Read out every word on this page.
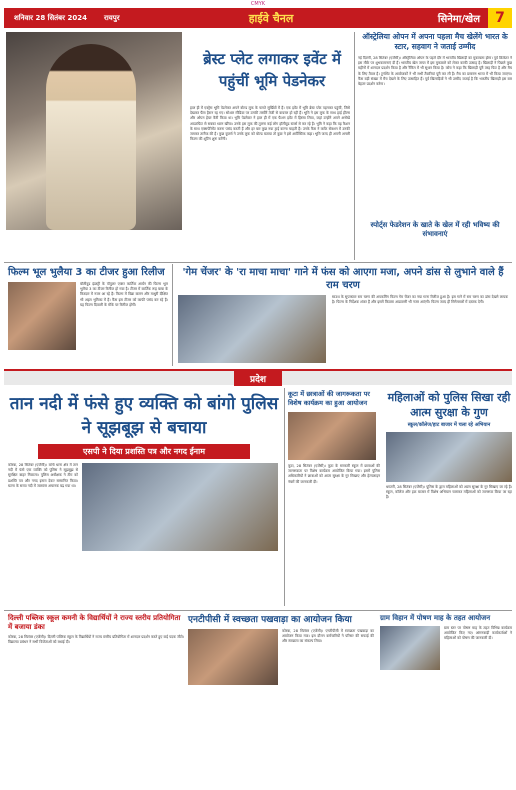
CMYK
शनिवार 28 सितंबर 2024	रायपुर	हाईवे चैनल	सिनेमा/खेल	7
ब्रेस्ट प्लेट लगाकर इवेंट में पहुंचीं भूमि पेडनेकर
हाल ही में एक्ट्रेस भूमि पेडनेकर अपने बोल्ड लुक के चलते सुर्खियों में हैं। एक इवेंट में भूमि ब्रेस्ट प्लेट पहनकर पहुंचीं, जिसे देखकर फैंस हैरान रह गए। सोशल मीडिया पर उनकी तस्वीरें तेजी से वायरल हो रही हैं। भूमि ने इस लुक के साथ हाई हील्स और ओपन हेयर कैरी किया था। भूमि पेडनेकर ने हाल ही में एक फैशन इवेंट में हिस्सा लिया, जहां उन्होंने अपने अनोखे आउटफिट से सबका ध्यान खींचा। उनके इस लुक की तुलना कई लोग हॉलीवुड स्टार्स से कर रहे हैं। भूमि ने कहा कि वह फैशन के साथ एक्सपेरिमेंट करना पसंद करती हैं और हर बार कुछ नया ट्राई करना चाहती हैं। उनके फैंस ने कमेंट सेक्शन में उनकी जमकर तारीफ की है। कुछ यूजर्स ने उनके लुक को बोल्ड बताया तो कुछ ने इसे आर्टिस्टिक कहा। भूमि जल्द ही अपनी अगली फिल्म की शूटिंग शुरू करेंगी।
ऑस्ट्रेलिया ओपन में अपना पहला मैच खेलेंगे भारत के स्टार, सहवाग ने जताई उम्मीद
नई दिल्ली, 28 सितंबर (एजेंसी)। ऑस्ट्रेलिया ओपन के पहले दौर में भारतीय खिलाड़ी का मुकाबला होगा। पूर्व क्रिकेटर ने इस मौके पर शुभकामनाएं दी हैं। भारतीय खेल जगत में इस मुकाबले को लेकर काफी उत्साह है। खिलाड़ी ने पिछले कुछ महीनों में शानदार प्रदर्शन किया है और रैंकिंग में भी सुधार किया है। कोच ने कहा कि खिलाड़ी पूरी तरह फिट है और मैच के लिए तैयार है। टूर्नामेंट के आयोजकों ने भी सभी तैयारियां पूरी कर ली हैं। मैच का प्रसारण भारत में भी किया जाएगा। फैंस बड़ी संख्या में मैच देखने के लिए उत्साहित हैं। पूर्व खिलाड़ियों ने भी उम्मीद जताई है कि भारतीय खिलाड़ी इस बार बेहतर प्रदर्शन करेगा।
स्पोर्ट्स फेडरेशन के खाते के खेल में रही भविष्य की संभावनाएं
फिल्म भूल भुलैया 3 का टीजर हुआ रिलीज
बॉलीवुड इंडस्ट्री के पॉपुलर एक्टर कार्तिक आर्यन की फिल्म भूल भुलैया 3 का टीजर रिलीज हो गया है। टीजर में कार्तिक रूह बाबा के किरदार में नजर आ रहे हैं। फिल्म में विद्या बालन और माधुरी दीक्षित भी अहम भूमिका में हैं। फैंस इस टीजर को काफी पसंद कर रहे हैं। यह फिल्म दिवाली के मौके पर रिलीज होगी।
'गेम चेंजर' के 'रा माचा माचा' गाने में फंस को आएगा मजा, अपने डांस से लुभाने वाले हैं राम चरण
साउथ के सुपरस्टार राम चरण की अपकमिंग फिल्म गेम चेंजर का नया गाना रिलीज हुआ है। इस गाने में राम चरण का डांस देखने लायक है। फिल्म के निर्देशक शंकर हैं और इसमें कियारा आडवाणी भी नजर आएंगी। फिल्म जल्द ही सिनेमाघरों में दस्तक देगी।
प्रदेश
तान नदी में फंसे हुए व्यक्ति को बांगो पुलिस ने सूझबूझ से बचाया
एसपी ने दिया प्रशस्ति पत्र और नगद ईनाम
कोरबा, 28 सितंबर (एजेंसी)। बांगो थाना क्षेत्र में तान नदी में फंसे एक व्यक्ति को पुलिस ने सूझबूझ से सुरक्षित बाहर निकाला। पुलिस अधीक्षक ने टीम को प्रशस्ति पत्र और नगद इनाम देकर सम्मानित किया। घटना के समय नदी में जलस्तर अचानक बढ़ गया था।
कूटा में छात्राओं की जागरूकता पर विशेष कार्यक्रम का हुआ आयोजन
कूटा, 28 सितंबर (एजेंसी)। कूटा के सरकारी स्कूल में छात्राओं की जागरूकता पर विशेष कार्यक्रम आयोजित किया गया। इसमें पुलिस अधिकारियों ने छात्राओं को आत्म सुरक्षा के गुर सिखाए और हेल्पलाइन नंबरों की जानकारी दी।
महिलाओं को पुलिस सिखा रही आत्म सुरक्षा के गुण
स्कूल/कॉलेज/हाट बाजार में चला रहे अभियान
धमतरी, 28 सितंबर (एजेंसी)। पुलिस के द्वारा महिलाओं को आत्म सुरक्षा के गुर सिखाए जा रहे हैं। स्कूल, कॉलेज और हाट बाजार में विशेष अभियान चलाकर महिलाओं को जागरूक किया जा रहा है।
दिल्ली पब्लिक स्कूल कमनी के विद्यार्थियों ने राज्य स्तरीय प्रतियोगिता में बजाया डंका
कोरबा, 28 सितंबर (एजेंसी)। दिल्ली पब्लिक स्कूल के विद्यार्थियों ने राज्य स्तरीय प्रतियोगिता में शानदार प्रदर्शन करते हुए कई पदक जीते। विद्यालय प्रबंधन ने सभी विजेताओं को बधाई दी।
एनटीपीसी में स्वच्छता पखवाड़ा का आयोजन किया
कोरबा, 28 सितंबर (एजेंसी)। एनटीपीसी में स्वच्छता पखवाड़ा का आयोजन किया गया। इस दौरान कर्मचारियों ने परिसर की सफाई की और स्वच्छता का संकल्प लिया।
ग्राम विहान में पोषण माह के तहत आयोजन
ग्राम स्तर पर पोषण माह के तहत विभिन्न कार्यक्रम आयोजित किए गए। आंगनबाड़ी कार्यकर्ताओं ने महिलाओं को पोषण की जानकारी दी।
